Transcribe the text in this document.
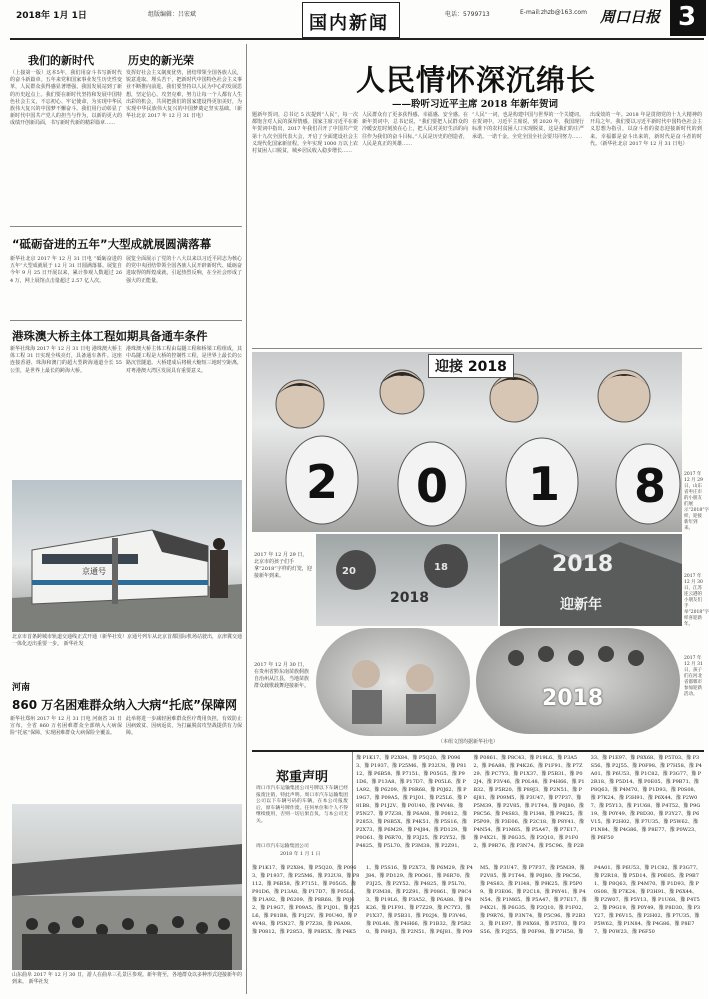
2018年 1月 1日	组版编辑：吕宏斌	电话：5799713	E-mail:zhzb@163.com
国内新闻	周口日报 3
我们的新时代	历史的新光荣
（上接第一版）这本5年，我们用奋斗书写新时代的奋斗新篇章。五年来党和国家事业发生历史性变革，人民群众获得感显著增强，我国发展站到了新的历史起点上。我们要在新时代坚持和发展中国特色社会主义，不忘初心、牢记使命，为实现中华民族伟大复兴的中国梦不懈奋斗。我们用行动彰显了新时代中国共产党人的担当与作为，以新的更大的成绩开创新局面，书写新时代新的精彩篇章……
发挥好社会主义制度优势，团结带领全国各族人民，锐意进取、埋头苦干，把新时代中国特色社会主义事业不断推向前进。我们要坚持以人民为中心的发展思想，坚定信心、攻坚克难，努力让每一个人都有人生出彩的机会，共同把我们的国家建设得更加美好，为实现中华民族伟大复兴的中国梦奠定坚实基础。（新华社北京 2017 年 12 月 31 日电）
“砥砺奋进的五年”大型成就展圆满落幕
新华社北京 2017 年 12 月 31 日电 “砥砺奋进的五年”大型成就展于 12 月 31 日圆满落幕。展览自今年 9 月 25 日开展以来，累计参观人数超过 264 万，网上展馆点击量超过 2.57 亿人次。
展览全面展示了党的十八大以来以习近平同志为核心的党中央团结带领全国各族人民开辟新时代、砥砺奋进取得的辉煌成就，引起热烈反响，在全社会形成了强大的正能量。
港珠澳大桥主体工程如期具备通车条件
新华社珠海 2017 年 12 月 31 日电 港珠澳大桥主体工程 31 日实现全线亮灯，具备通车条件。这座连接香港、珠海和澳门的超大型跨海通道全长 55 公里，是世界上最长的跨海大桥。
港珠澳大桥主体工程由岛隧工程和桥梁工程组成，其中岛隧工程是大桥的控制性工程，是世界上最长的公路沉管隧道。大桥建成后将极大缩短三地时空距离，对粤港澳大湾区发展具有重要意义。
京通号
北京市首条跨城市轨道交通线正式开通（新华社发）京通号列车从北京首都国际机场站驶出，京津冀交通一体化迈出重要一步。 新华社发
河南
860 万名困难群众纳入大病“托底”保障网
新华社郑州 2017 年 12 月 31 日电 河南省 31 日宣布，全省 860 万名困难群众全部纳入大病保险“托底”保障，实现困难群众大病保险全覆盖。
此举将进一步减轻困难群众医疗费用负担，有效防止因病致贫、因病返贫，为打赢脱贫攻坚战提供有力保障。
山东曲阜 2017 年 12 月 30 日，游人在曲阜三孔景区参观。新年将至，各地群众以多种形式迎接新年的到来。 新华社发
人民情怀深沉绵长
——聆听习近平主席 2018 年新年贺词
题新年贺词，总书记 5 次提到“人民”，每一次都饱含对人民的深厚情感。国家主席习近平在新年贺词中指出，2017 年我们召开了中国共产党第十九次全国代表大会，开启了全面建设社会主义现代化国家新征程。全年实现 1000 万以上农村贫困人口脱贫，城乡居民收入稳步增长……
人民群众有了更多获得感、幸福感、安全感。在新年贺词中，总书记说，“我们要把人民群众的冷暖安危时刻放在心上，把人民对美好生活的向往作为我们的奋斗目标。”人民是历史的创造者，人民是真正的英雄……
“人民”一词，也是构建中国与世界的一个关键词。在贺词中，习近平主席说，到 2020 年，我国现行标准下的农村贫困人口实现脱贫，这是我们的庄严承诺。一诺千金。全党全国全社会要共同努力……
出成效的一年。2018 年是贯彻党的十九大精神的开局之年。我们要以习近平新时代中国特色社会主义思想为指引，以奋斗者的姿态迎接新时代的到来。幸福都是奋斗出来的，新时代是奋斗者的时代。（新华社北京 2017 年 12 月 31 日电）
2 0 1 8
迎接 2018
2017 年 12 月 29 日，山东省枣庄市的小朋友们展示“2018”字样，迎接新年到来。
20	18
2018
2017 年 12 月 29 日，北京市的孩子们手拿“2018”字样的灯笼，迎接新年到来。	2018
迎新年
2017 年 12 月 30 日，江苏连云港的小朋友们手举“2018”字样喜迎新年。
2017 年 12 月 30 日，在贵州省黔东南苗族侗族自治州从江县，当地苗族群众载歌载舞迎接新年。	2018
2017 年 12 月 31 日，孩子们在河北省邯郸市参加迎新活动。
（本组文图均据新华社电）
郑重声明
周口市汽车运输集团公司号牌以下车辆已经报废注销，特此声明。周口市汽车运输集团公司以下车辆号码的车辆，在本公司报废后，原车辆号牌作废。任何单位和个人不得继续使用，否则一切后果自负，与本公司无关。
周口市汽车运输集团公司
2018 年 1 月 1 日
豫 P1K17、豫 P2X84、豫 P5Q20、豫 P0963、豫 P1937、豫 P25M6、豫 P32U8、豫 P8112、豫 P6B58、豫 P7151、豫 P05G5、豫 P91D6、豫 P13A8、豫 P17D7、豫 P05L6、豫 P1A92、豫 P6209、豫 P8R68、豫 P0J62、豫 P19G7、豫 P09A5、豫 P1J01、豫 P25L6、豫 P81B8、豫 P1J2V、豫 P0U40、豫 P4V48、豫 P5N27、豫 P7Z38、豫 P6A08、豫 P0812、豫 P2853、豫 P8B5X、豫 P4K51、豫 P5S16、豫 P2X73、豫 P6M29、豫 P4J84、豫 PD129、豫 P0O61、豫 P6R70、豫 P3J25、豫 P2Y52、豫 P4825、豫 P5L70、豫 P3M38、豫 P2Z91、豫 P0861、豫 P8C43、豫 P19L6、豫 P3A52、豫 P6A88、豫 P4K26、豫 P1F91、豫 P7Z29、豫 PC7Y3、豫 P1X37、豫 P5B31、豫 P02J4、豫 P3V46、豫 P0L48、豫 P4H66、豫 P1B32、豫 P5R20、豫 P89J3、豫 P2N51、豫 P6J81、豫 P09M5、豫 P3U47、豫 P7P37、豫 P5M39、豫 P2V85、豫 P1T44、豫 P0J80、豫 P8C56、豫 P4S83、豫 P1I48、豫 P9K25、豫 P5P09、豫 P3E06、豫 P2C18、豫 P8Y41、豫 P4N54、豫 P1M65、豫 P5A47、豫 P7E17、豫 P4X21、豫 P6G35、豫 P2Q10、豫 P1F02、豫 P9R76、豫 P3N74、豫 P5C96、豫 P2B33、豫 P1E97、豫 P8X68、豫 P5T03、豫 P3S56、豫 P2J55、豫 P0F98、豫 P7H58、豫 P4A01、豫 P6U53、豫 P1C82、豫 P3G77、豫 P2R18、豫 P5D14、豫 P0E05、豫 P9B71、豫 P8Q63、豫 P4M70、豫 P1D93、豫 P0S08、豫 P7K24、豫 P3H91、豫 P6X44、豫 P2W07、豫 P5Y13、豫 P1U68、豫 P4T52、豫 P9G19、豫 P0Y49、豫 P8D30、豫 P3Y27、豫 P6V15、豫 P2H02、豫 P7U35、豫 P5W62、豫 P1N84、豫 P4G86、豫 P8E77、豫 P0W23、豫 P6F50
豫 P1K17、豫 P2X84、豫 P5Q20、豫 P0963、豫 P1937、豫 P25M6、豫 P32U8、豫 P8112、豫 P6B58、豫 P7151、豫 P05G5、豫 P91D6、豫 P13A8、豫 P17D7、豫 P05L6、豫 P1A92、豫 P6209、豫 P8R68、豫 P0J62、豫 P19G7、豫 P09A5、豫 P1J01、豫 P25L6、豫 P81B8、豫 P1J2V、豫 P0U40、豫 P4V48、豫 P5N27、豫 P7Z38、豫 P6A08、豫 P0812、豫 P2853、豫 P8B5X、豫 P4K51、豫 P5S16、豫 P2X73、豫 P6M29、豫 P4J84、豫 PD129、豫 P0O61、豫 P6R70、豫 P3J25、豫 P2Y52、豫 P4825、豫 P5L70、豫 P3M38、豫 P2Z91、豫 P0861、豫 P8C43、豫 P19L6、豫 P3A52、豫 P6A88、豫 P4K26、豫 P1F91、豫 P7Z29、豫 PC7Y3、豫 P1X37、豫 P5B31、豫 P02J4、豫 P3V46、豫 P0L48、豫 P4H66、豫 P1B32、豫 P5R20、豫 P89J3、豫 P2N51、豫 P6J81、豫 P09M5、豫 P3U47、豫 P7P37、豫 P5M39、豫 P2V85、豫 P1T44、豫 P0J80、豫 P8C56、豫 P4S83、豫 P1I48、豫 P9K25、豫 P5P09、豫 P3E06、豫 P2C18、豫 P8Y41、豫 P4N54、豫 P1M65、豫 P5A47、豫 P7E17、豫 P4X21、豫 P6G35、豫 P2Q10、豫 P1F02、豫 P9R76、豫 P3N74、豫 P5C96、豫 P2B33、豫 P1E97、豫 P8X68、豫 P5T03、豫 P3S56、豫 P2J55、豫 P0F98、豫 P7H58、豫 P4A01、豫 P6U53、豫 P1C82、豫 P3G77、豫 P2R18、豫 P5D14、豫 P0E05、豫 P9B71、豫 P8Q63、豫 P4M70、豫 P1D93、豫 P0S08、豫 P7K24、豫 P3H91、豫 P6X44、豫 P2W07、豫 P5Y13、豫 P1U68、豫 P4T52、豫 P9G19、豫 P0Y49、豫 P8D30、豫 P3Y27、豫 P6V15、豫 P2H02、豫 P7U35、豫 P5W62、豫 P1N84、豫 P4G86、豫 P8E77、豫 P0W23、豫 P6F50
